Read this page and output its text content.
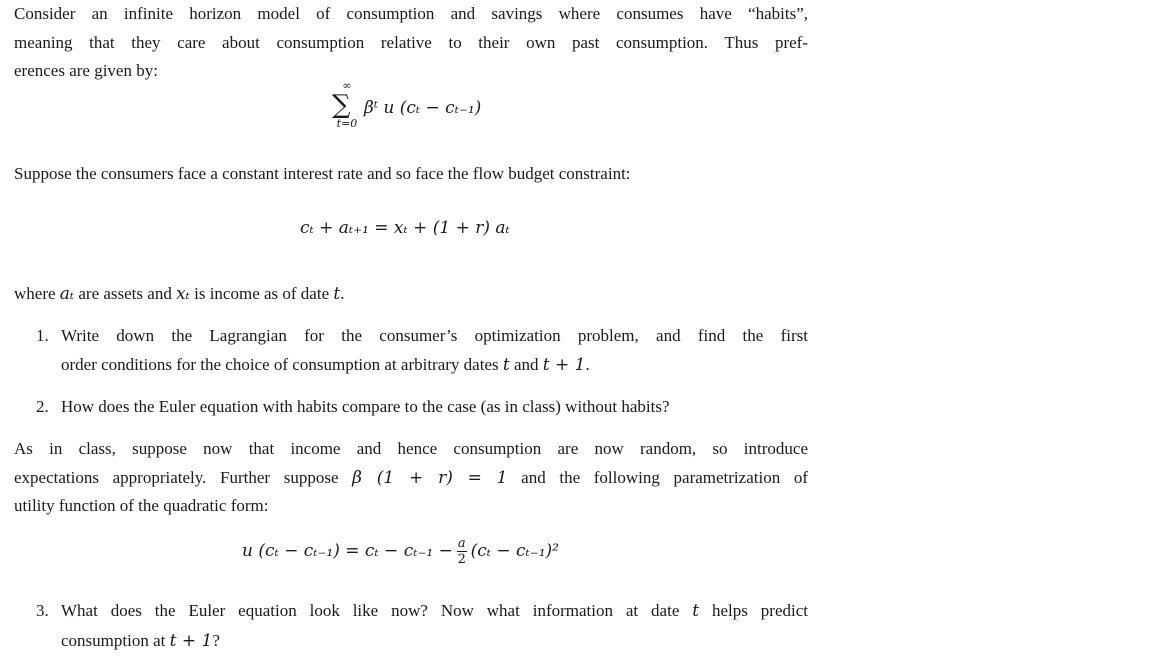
Consider an infinite horizon model of consumption and savings where consumes have “habits”,
meaning that they care about consumption relative to their own past consumption. Thus pref-
erences are given by:
∞
∑
t=0
βᵗ u (cₜ − cₜ₋₁)
Suppose the consumers face a constant interest rate and so face the flow budget constraint:
cₜ + aₜ₊₁ = xₜ + (1 + r) aₜ
where aₜ are assets and xₜ is income as of date t.
1. Write down the Lagrangian for the consumer’s optimization problem, and find the first
order conditions for the choice of consumption at arbitrary dates t and t + 1.
2. How does the Euler equation with habits compare to the case (as in class) without habits?
As in class, suppose now that income and hence consumption are now random, so introduce
expectations appropriately. Further suppose β (1 + r) = 1 and the following parametrization of
utility function of the quadratic form:
u $(c_t - c_{t-1}) = c_t - c_{t-1} - \frac{a}{2} (c_t - c_{t-1})^2$
3. What does the Euler equation look like now? Now what information at date t helps predict
consumption at t + 1?
